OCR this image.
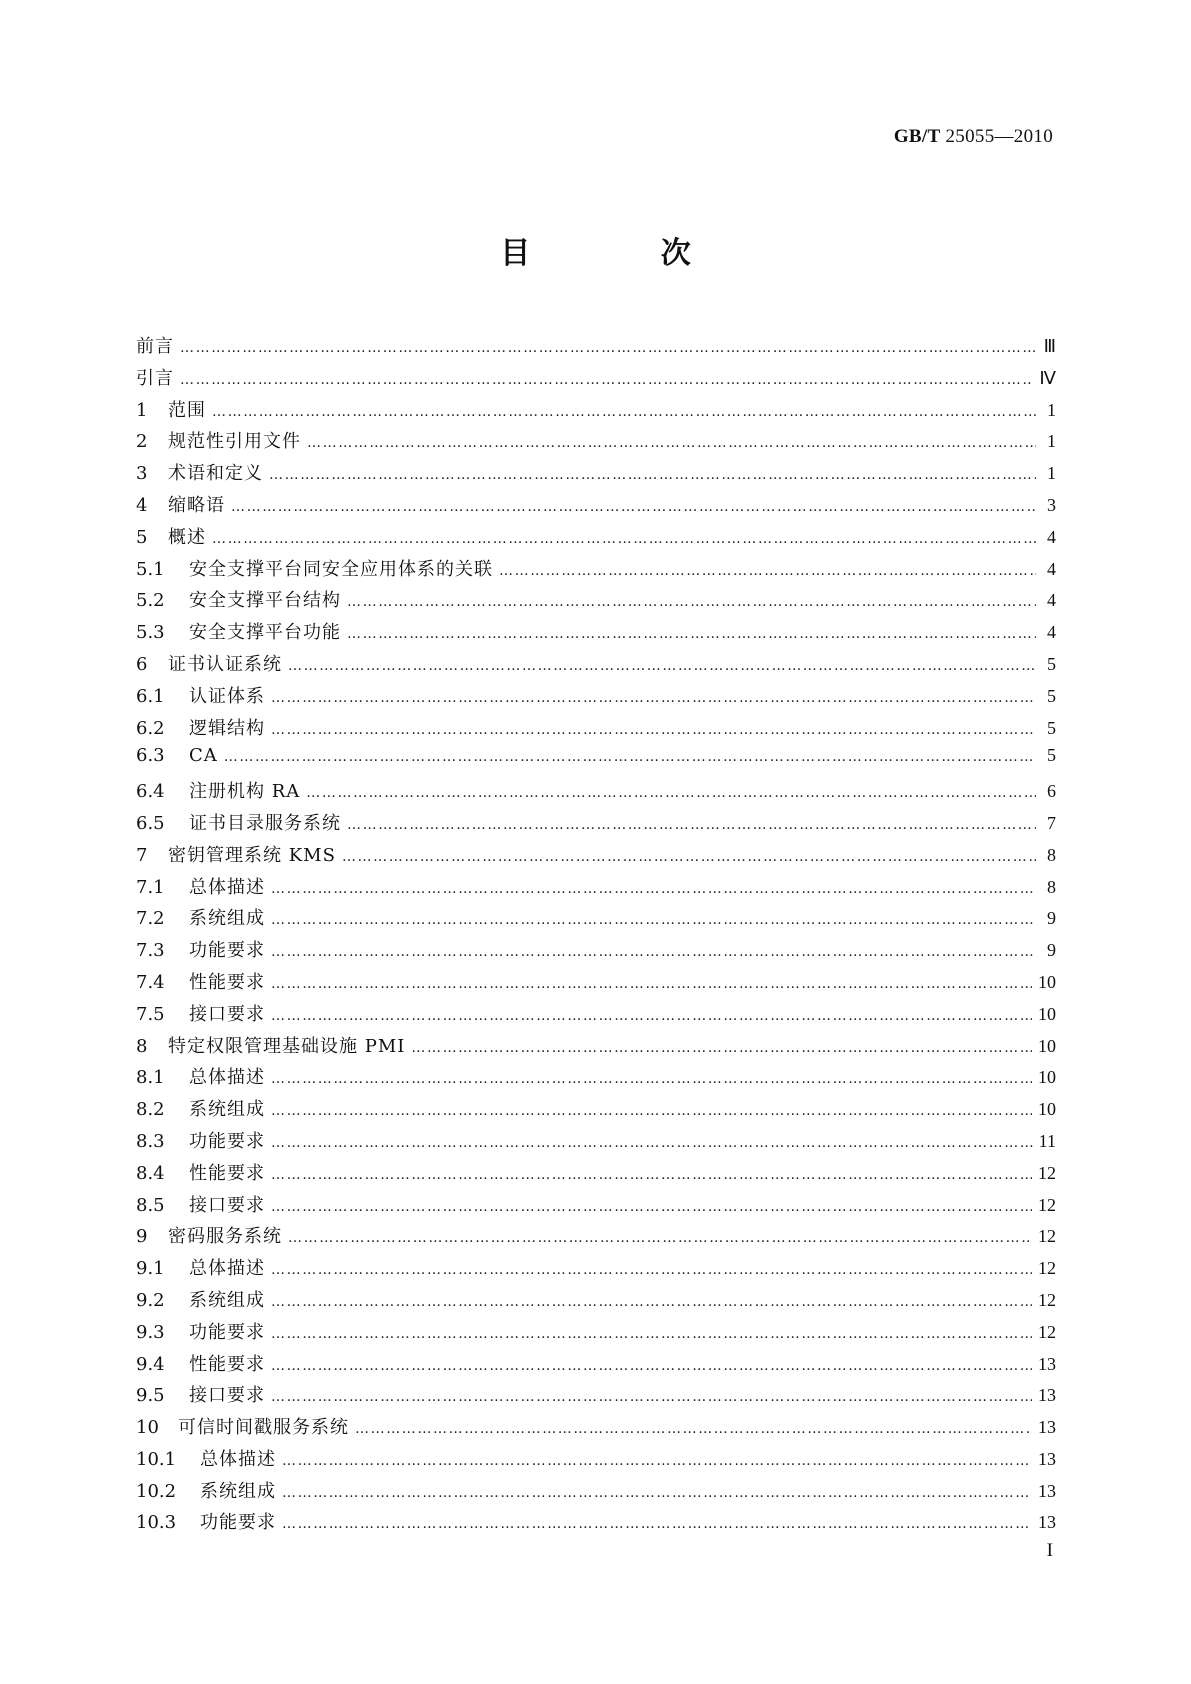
GB/T 25055—2010
目 次
前言 ……………………………………………………………………………………………………………………………………………………………………………………………………………………………………………	Ⅲ
引言 ……………………………………………………………………………………………………………………………………………………………………………………………………………………………………………	Ⅳ
1	范围 ……………………………………………………………………………………………………………………………………………………………………………………………………………………………………………	1
2	规范性引用文件 ……………………………………………………………………………………………………………………………………………………………………………………………………………………………………………	1
3	术语和定义 ……………………………………………………………………………………………………………………………………………………………………………………………………………………………………………	1
4	缩略语 ……………………………………………………………………………………………………………………………………………………………………………………………………………………………………………	3
5	概述 ……………………………………………………………………………………………………………………………………………………………………………………………………………………………………………	4
5.1	安全支撑平台同安全应用体系的关联 ……………………………………………………………………………………………………………………………………………………………………………………………………………………………………………	4
5.2	安全支撑平台结构 ……………………………………………………………………………………………………………………………………………………………………………………………………………………………………………	4
5.3	安全支撑平台功能 ……………………………………………………………………………………………………………………………………………………………………………………………………………………………………………	4
6	证书认证系统 ……………………………………………………………………………………………………………………………………………………………………………………………………………………………………………	5
6.1	认证体系 ……………………………………………………………………………………………………………………………………………………………………………………………………………………………………………	5
6.2	逻辑结构 ……………………………………………………………………………………………………………………………………………………………………………………………………………………………………………	5
6.3	CA ……………………………………………………………………………………………………………………………………………………………………………………………………………………………………………	5
6.4	注册机构 RA ……………………………………………………………………………………………………………………………………………………………………………………………………………………………………………	6
6.5	证书目录服务系统 ……………………………………………………………………………………………………………………………………………………………………………………………………………………………………………	7
7	密钥管理系统 KMS ……………………………………………………………………………………………………………………………………………………………………………………………………………………………………………	8
7.1	总体描述 ……………………………………………………………………………………………………………………………………………………………………………………………………………………………………………	8
7.2	系统组成 ……………………………………………………………………………………………………………………………………………………………………………………………………………………………………………	9
7.3	功能要求 ……………………………………………………………………………………………………………………………………………………………………………………………………………………………………………	9
7.4	性能要求 ……………………………………………………………………………………………………………………………………………………………………………………………………………………………………………	10
7.5	接口要求 ……………………………………………………………………………………………………………………………………………………………………………………………………………………………………………	10
8	特定权限管理基础设施 PMI ……………………………………………………………………………………………………………………………………………………………………………………………………………………………………………	10
8.1	总体描述 ……………………………………………………………………………………………………………………………………………………………………………………………………………………………………………	10
8.2	系统组成 ……………………………………………………………………………………………………………………………………………………………………………………………………………………………………………	10
8.3	功能要求 ……………………………………………………………………………………………………………………………………………………………………………………………………………………………………………	11
8.4	性能要求 ……………………………………………………………………………………………………………………………………………………………………………………………………………………………………………	12
8.5	接口要求 ……………………………………………………………………………………………………………………………………………………………………………………………………………………………………………	12
9	密码服务系统 ……………………………………………………………………………………………………………………………………………………………………………………………………………………………………………	12
9.1	总体描述 ……………………………………………………………………………………………………………………………………………………………………………………………………………………………………………	12
9.2	系统组成 ……………………………………………………………………………………………………………………………………………………………………………………………………………………………………………	12
9.3	功能要求 ……………………………………………………………………………………………………………………………………………………………………………………………………………………………………………	12
9.4	性能要求 ……………………………………………………………………………………………………………………………………………………………………………………………………………………………………………	13
9.5	接口要求 ……………………………………………………………………………………………………………………………………………………………………………………………………………………………………………	13
10	可信时间戳服务系统 ……………………………………………………………………………………………………………………………………………………………………………………………………………………………………………	13
10.1	总体描述 ……………………………………………………………………………………………………………………………………………………………………………………………………………………………………………	13
10.2	系统组成 ……………………………………………………………………………………………………………………………………………………………………………………………………………………………………………	13
10.3	功能要求 ……………………………………………………………………………………………………………………………………………………………………………………………………………………………………………	13
I
